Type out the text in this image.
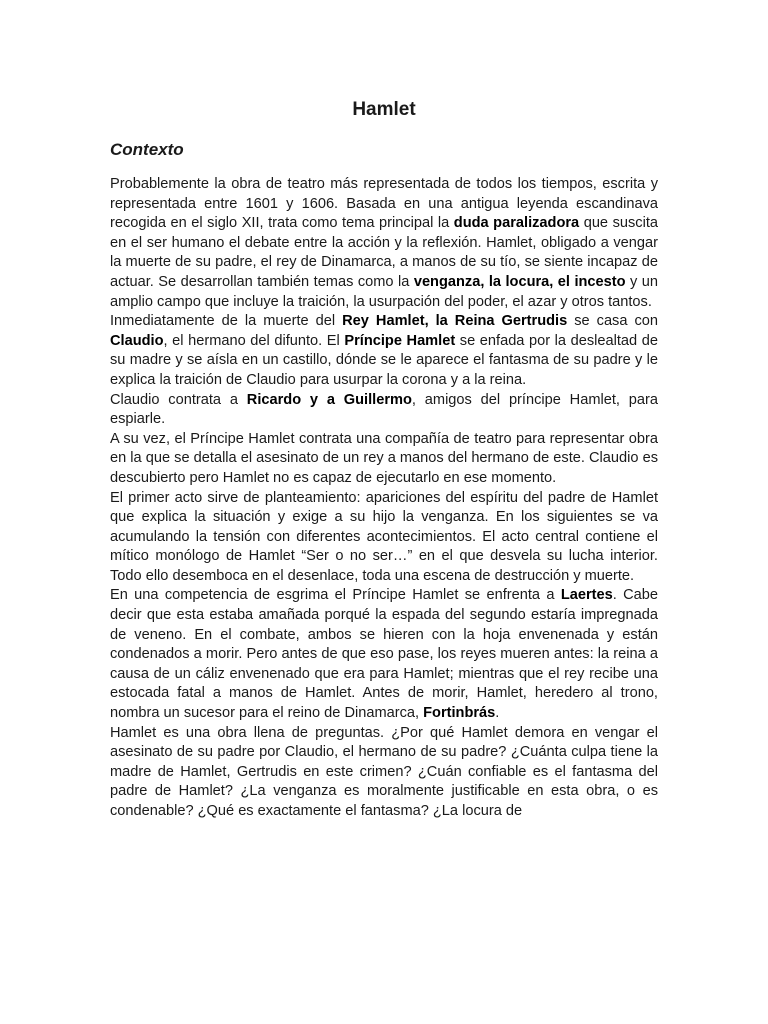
Hamlet
Contexto

Probablemente la obra de teatro más representada de todos los tiempos, escrita y representada entre 1601 y 1606. Basada en una antigua leyenda escandinava recogida en el siglo XII, trata como tema principal la duda paralizadora que suscita en el ser humano el debate entre la acción y la reflexión. Hamlet, obligado a vengar la muerte de su padre, el rey de Dinamarca, a manos de su tío, se siente incapaz de actuar. Se desarrollan también temas como la venganza, la locura, el incesto y un amplio campo que incluye la traición, la usurpación del poder, el azar y otros tantos.

Inmediatamente de la muerte del Rey Hamlet, la Reina Gertrudis se casa con Claudio, el hermano del difunto. El Príncipe Hamlet se enfada por la deslealtad de su madre y se aísla en un castillo, dónde se le aparece el fantasma de su padre y le explica la traición de Claudio para usurpar la corona y a la reina.

Claudio contrata a Ricardo y a Guillermo, amigos del príncipe Hamlet, para espiarle.

A su vez, el Príncipe Hamlet contrata una compañía de teatro para representar obra en la que se detalla el asesinato de un rey a manos del hermano de este. Claudio es descubierto pero Hamlet no es capaz de ejecutarlo en ese momento.

El primer acto sirve de planteamiento: apariciones del espíritu del padre de Hamlet que explica la situación y exige a su hijo la venganza. En los siguientes se va acumulando la tensión con diferentes acontecimientos. El acto central contiene el mítico monólogo de Hamlet “Ser o no ser…” en el que desvela su lucha interior. Todo ello desemboca en el desenlace, toda una escena de destrucción y muerte.

En una competencia de esgrima el Príncipe Hamlet se enfrenta a Laertes. Cabe decir que esta estaba amañada porqué la espada del segundo estaría impregnada de veneno. En el combate, ambos se hieren con la hoja envenenada y están condenados a morir. Pero antes de que eso pase, los reyes mueren antes: la reina a causa de un cáliz envenenado que era para Hamlet; mientras que el rey recibe una estocada fatal a manos de Hamlet. Antes de morir, Hamlet, heredero al trono, nombra un sucesor para el reino de Dinamarca, Fortinbrás.

Hamlet es una obra llena de preguntas. ¿Por qué Hamlet demora en vengar el asesinato de su padre por Claudio, el hermano de su padre? ¿Cuánta culpa tiene la madre de Hamlet, Gertrudis en este crimen? ¿Cuán confiable es el fantasma del padre de Hamlet? ¿La venganza es moralmente justificable en esta obra, o es condenable? ¿Qué es exactamente el fantasma? ¿La locura de
